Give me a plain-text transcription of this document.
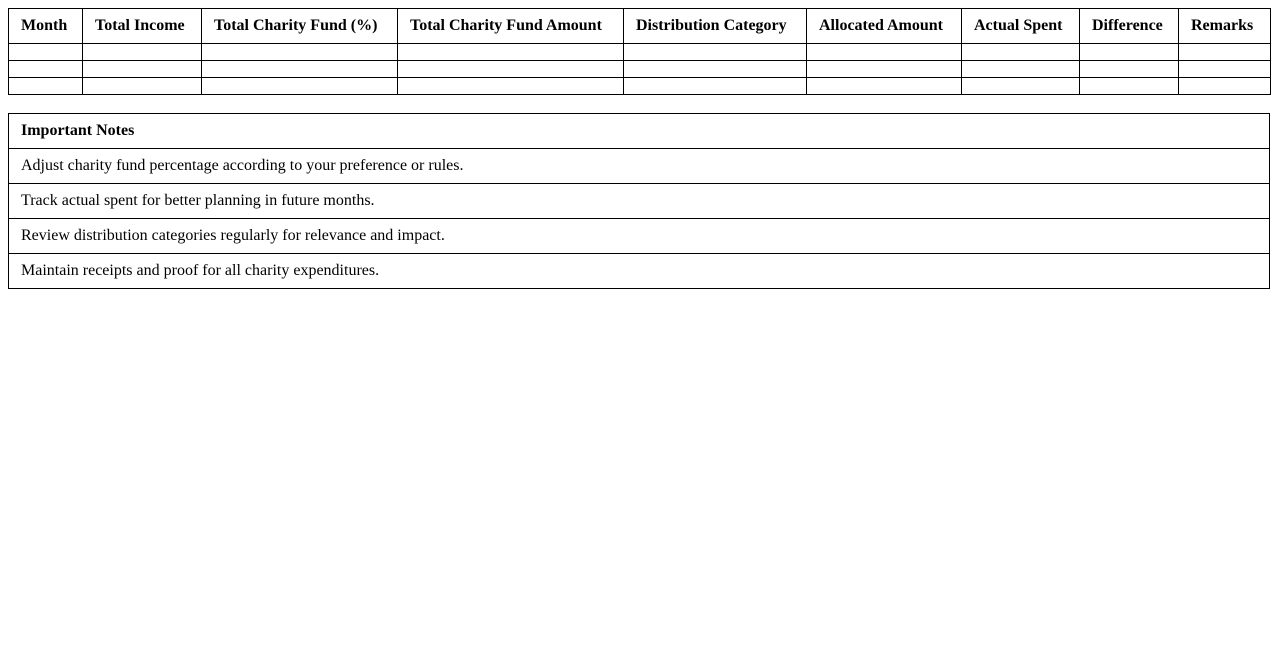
Month	Total Income	Total Charity Fund (%)	Total Charity Fund Amount	Distribution Category	Allocated Amount	Actual Spent	Difference	Remarks

Important Notes
Adjust charity fund percentage according to your preference or rules.
Track actual spent for better planning in future months.
Review distribution categories regularly for relevance and impact.
Maintain receipts and proof for all charity expenditures.
